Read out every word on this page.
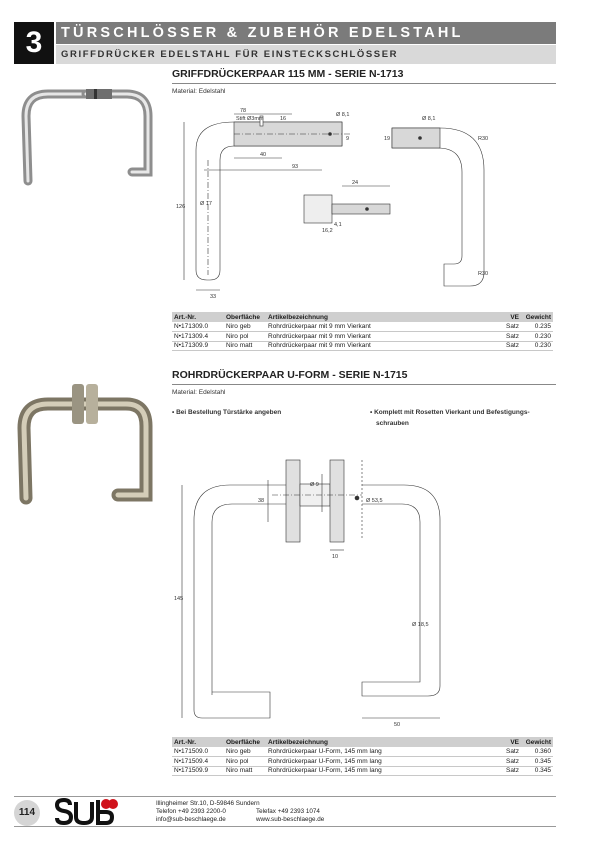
3	TÜRSCHLÖSSER & ZUBEHÖR EDELSTAHL
GRIFFDRÜCKER EDELSTAHL FÜR EINSTECKSCHLÖSSER
GRIFFDRÜCKERPAAR 115 MM - SERIE N-1713
Material: Edelstahl
78
Stift Ø3mm	16
40
93
Ø 8,1
9
Ø 8,1
19	R30
Ø 17
126
33
24
4,1
16,2
R30
Art.-Nr.	Oberfläche	Artikelbezeichnung	VE	Gewicht
N•171309.0	Niro geb	Rohrdrückerpaar mit 9 mm Vierkant	Satz	0.235
N•171309.4	Niro pol	Rohrdrückerpaar mit 9 mm Vierkant	Satz	0.230
N•171309.9	Niro matt	Rohrdrückerpaar mit 9 mm Vierkant	Satz	0.230
ROHRDRÜCKERPAAR U-FORM - SERIE N-1715
Material: Edelstahl
• Bei Bestellung Türstärke angeben	• Komplett mit Rosetten Vierkant und Befestigungs-
schrauben
38
Ø 9
Ø 53,5
10
145
Ø 18,5
50
Art.-Nr.	Oberfläche	Artikelbezeichnung	VE	Gewicht
N•171509.0	Niro geb	Rohrdrückerpaar U-Form, 145 mm lang	Satz	0.360
N•171509.4	Niro pol	Rohrdrückerpaar U-Form, 145 mm lang	Satz	0.345
N•171509.9	Niro matt	Rohrdrückerpaar U-Form, 145 mm lang	Satz	0.345
114
Illingheimer Str.10, D-59846 Sundern
Telefon +49 2393 2200-0
info@sub-beschlaege.de
Telefax +49 2393 1074
www.sub-beschlaege.de
